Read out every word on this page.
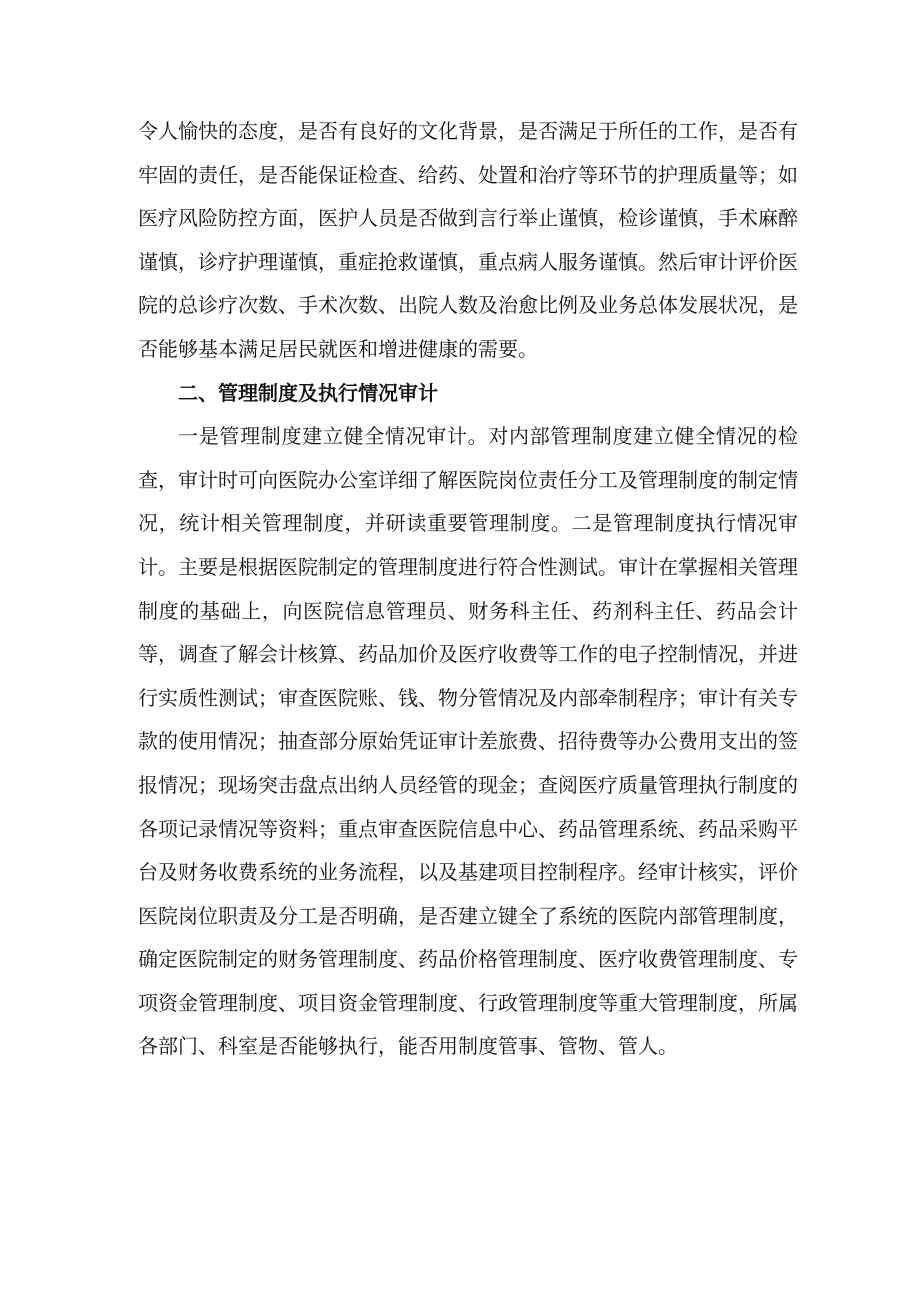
令人愉快的态度，是否有良好的文化背景，是否满足于所任的工作，是否有牢固的责任，是否能保证检查、给药、处置和治疗等环节的护理质量等；如医疗风险防控方面，医护人员是否做到言行举止谨慎，检诊谨慎，手术麻醉谨慎，诊疗护理谨慎，重症抢救谨慎，重点病人服务谨慎。然后审计评价医院的总诊疗次数、手术次数、出院人数及治愈比例及业务总体发展状况，是否能够基本满足居民就医和增进健康的需要。

二、管理制度及执行情况审计

一是管理制度建立健全情况审计。对内部管理制度建立健全情况的检查，审计时可向医院办公室详细了解医院岗位责任分工及管理制度的制定情况，统计相关管理制度，并研读重要管理制度。二是管理制度执行情况审计。主要是根据医院制定的管理制度进行符合性测试。审计在掌握相关管理制度的基础上，向医院信息管理员、财务科主任、药剂科主任、药品会计等，调查了解会计核算、药品加价及医疗收费等工作的电子控制情况，并进行实质性测试；审查医院账、钱、物分管情况及内部牵制程序；审计有关专款的使用情况；抽查部分原始凭证审计差旅费、招待费等办公费用支出的签报情况；现场突击盘点出纳人员经管的现金；查阅医疗质量管理执行制度的各项记录情况等资料；重点审查医院信息中心、药品管理系统、药品采购平台及财务收费系统的业务流程，以及基建项目控制程序。经审计核实，评价医院岗位职责及分工是否明确，是否建立键全了系统的医院内部管理制度，确定医院制定的财务管理制度、药品价格管理制度、医疗收费管理制度、专项资金管理制度、项目资金管理制度、行政管理制度等重大管理制度，所属各部门、科室是否能够执行，能否用制度管事、管物、管人。
